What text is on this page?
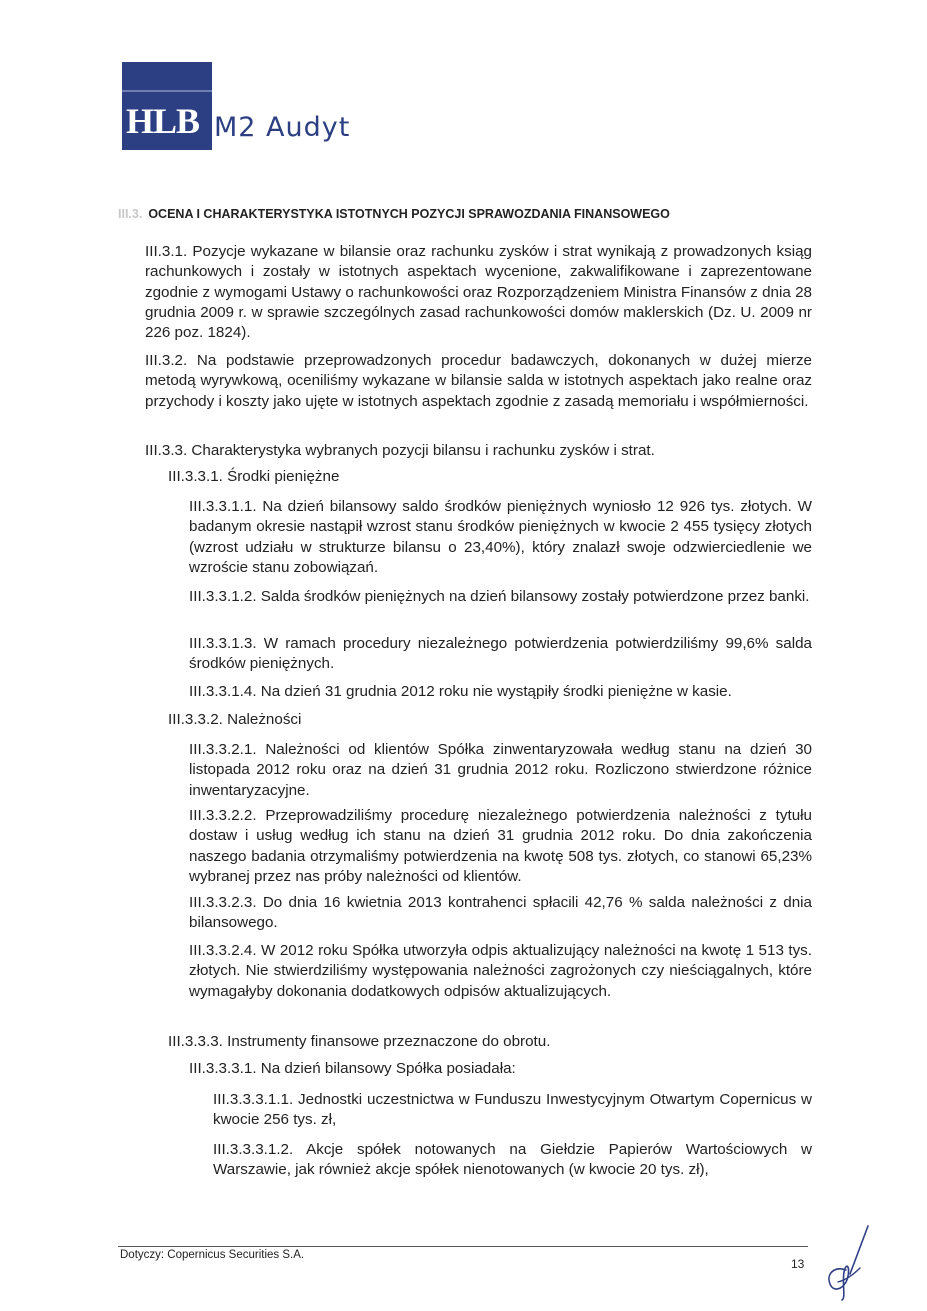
HLB M2 Audyt
III.3. OCENA I CHARAKTERYSTYKA ISTOTNYCH POZYCJI SPRAWOZDANIA FINANSOWEGO

III.3.1. Pozycje wykazane w bilansie oraz rachunku zysków i strat wynikają z prowadzonych ksiąg rachunkowych i zostały w istotnych aspektach wycenione, zakwalifikowane i zaprezentowane zgodnie z wymogami Ustawy o rachunkowości oraz Rozporządzeniem Ministra Finansów z dnia 28 grudnia 2009 r. w sprawie szczególnych zasad rachunkowości domów maklerskich (Dz. U. 2009 nr 226 poz. 1824).

III.3.2. Na podstawie przeprowadzonych procedur badawczych, dokonanych w dużej mierze metodą wyrywkową, oceniliśmy wykazane w bilansie salda w istotnych aspektach jako realne oraz przychody i koszty jako ujęte w istotnych aspektach zgodnie z zasadą memoriału i współmierności.

III.3.3. Charakterystyka wybranych pozycji bilansu i rachunku zysków i strat.

III.3.3.1. Środki pieniężne

III.3.3.1.1. Na dzień bilansowy saldo środków pieniężnych wyniosło 12 926 tys. złotych. W badanym okresie nastąpił wzrost stanu środków pieniężnych w kwocie 2 455 tysięcy złotych (wzrost udziału w strukturze bilansu o 23,40%), który znalazł swoje odzwierciedlenie we wzroście stanu zobowiązań.

III.3.3.1.2. Salda środków pieniężnych na dzień bilansowy zostały potwierdzone przez banki.

III.3.3.1.3. W ramach procedury niezależnego potwierdzenia potwierdziliśmy 99,6% salda środków pieniężnych.

III.3.3.1.4. Na dzień 31 grudnia 2012 roku nie wystąpiły środki pieniężne w kasie.

III.3.3.2. Należności

III.3.3.2.1. Należności od klientów Spółka zinwentaryzowała według stanu na dzień 30 listopada 2012 roku oraz na dzień 31 grudnia 2012 roku. Rozliczono stwierdzone różnice inwentaryzacyjne.

III.3.3.2.2. Przeprowadziliśmy procedurę niezależnego potwierdzenia należności z tytułu dostaw i usług według ich stanu na dzień 31 grudnia 2012 roku. Do dnia zakończenia naszego badania otrzymaliśmy potwierdzenia na kwotę 508 tys. złotych, co stanowi 65,23% wybranej przez nas próby należności od klientów.

III.3.3.2.3. Do dnia 16 kwietnia 2013 kontrahenci spłacili 42,76 % salda należności z dnia bilansowego.

III.3.3.2.4. W 2012 roku Spółka utworzyła odpis aktualizujący należności na kwotę 1 513 tys. złotych. Nie stwierdziliśmy występowania należności zagrożonych czy nieściągalnych, które wymagałyby dokonania dodatkowych odpisów aktualizujących.

III.3.3.3. Instrumenty finansowe przeznaczone do obrotu.

III.3.3.3.1. Na dzień bilansowy Spółka posiadała:

III.3.3.3.1.1. Jednostki uczestnictwa w Funduszu Inwestycyjnym Otwartym Copernicus w kwocie 256 tys. zł,

III.3.3.3.1.2. Akcje spółek notowanych na Giełdzie Papierów Wartościowych w Warszawie, jak również akcje spółek nienotowanych (w kwocie 20 tys. zł),

Dotyczy: Copernicus Securities S.A.
13
